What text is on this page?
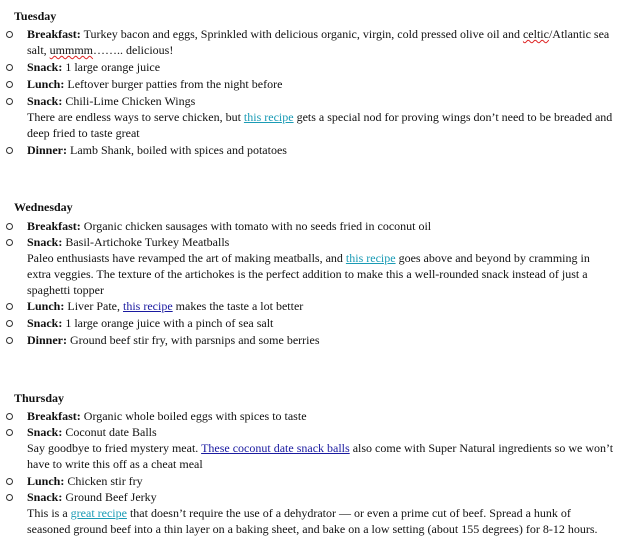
Tuesday
Breakfast: Turkey bacon and eggs, Sprinkled with delicious organic, virgin, cold pressed olive oil and celtic/Atlantic sea salt, ummmm…….. delicious!
Snack: 1 large orange juice
Lunch: Leftover burger patties from the night before
Snack: Chili-Lime Chicken Wings
There are endless ways to serve chicken, but this recipe gets a special nod for proving wings don’t need to be breaded and deep fried to taste great
Dinner: Lamb Shank, boiled with spices and potatoes
Wednesday
Breakfast: Organic chicken sausages with tomato with no seeds fried in coconut oil
Snack: Basil-Artichoke Turkey Meatballs
Paleo enthusiasts have revamped the art of making meatballs, and this recipe goes above and beyond by cramming in extra veggies. The texture of the artichokes is the perfect addition to make this a well-rounded snack instead of just a spaghetti topper
Lunch: Liver Pate, this recipe makes the taste a lot better
Snack: 1 large orange juice with a pinch of sea salt
Dinner: Ground beef stir fry, with parsnips and some berries
Thursday
Breakfast: Organic whole boiled eggs with spices to taste
Snack: Coconut date Balls
Say goodbye to fried mystery meat. These coconut date snack balls also come with Super Natural ingredients so we won’t have to write this off as a cheat meal
Lunch: Chicken stir fry
Snack: Ground Beef Jerky
This is a great recipe that doesn’t require the use of a dehydrator — or even a prime cut of beef. Spread a hunk of seasoned ground beef into a thin layer on a baking sheet, and bake on a low setting (about 155 degrees) for 8-12 hours.
